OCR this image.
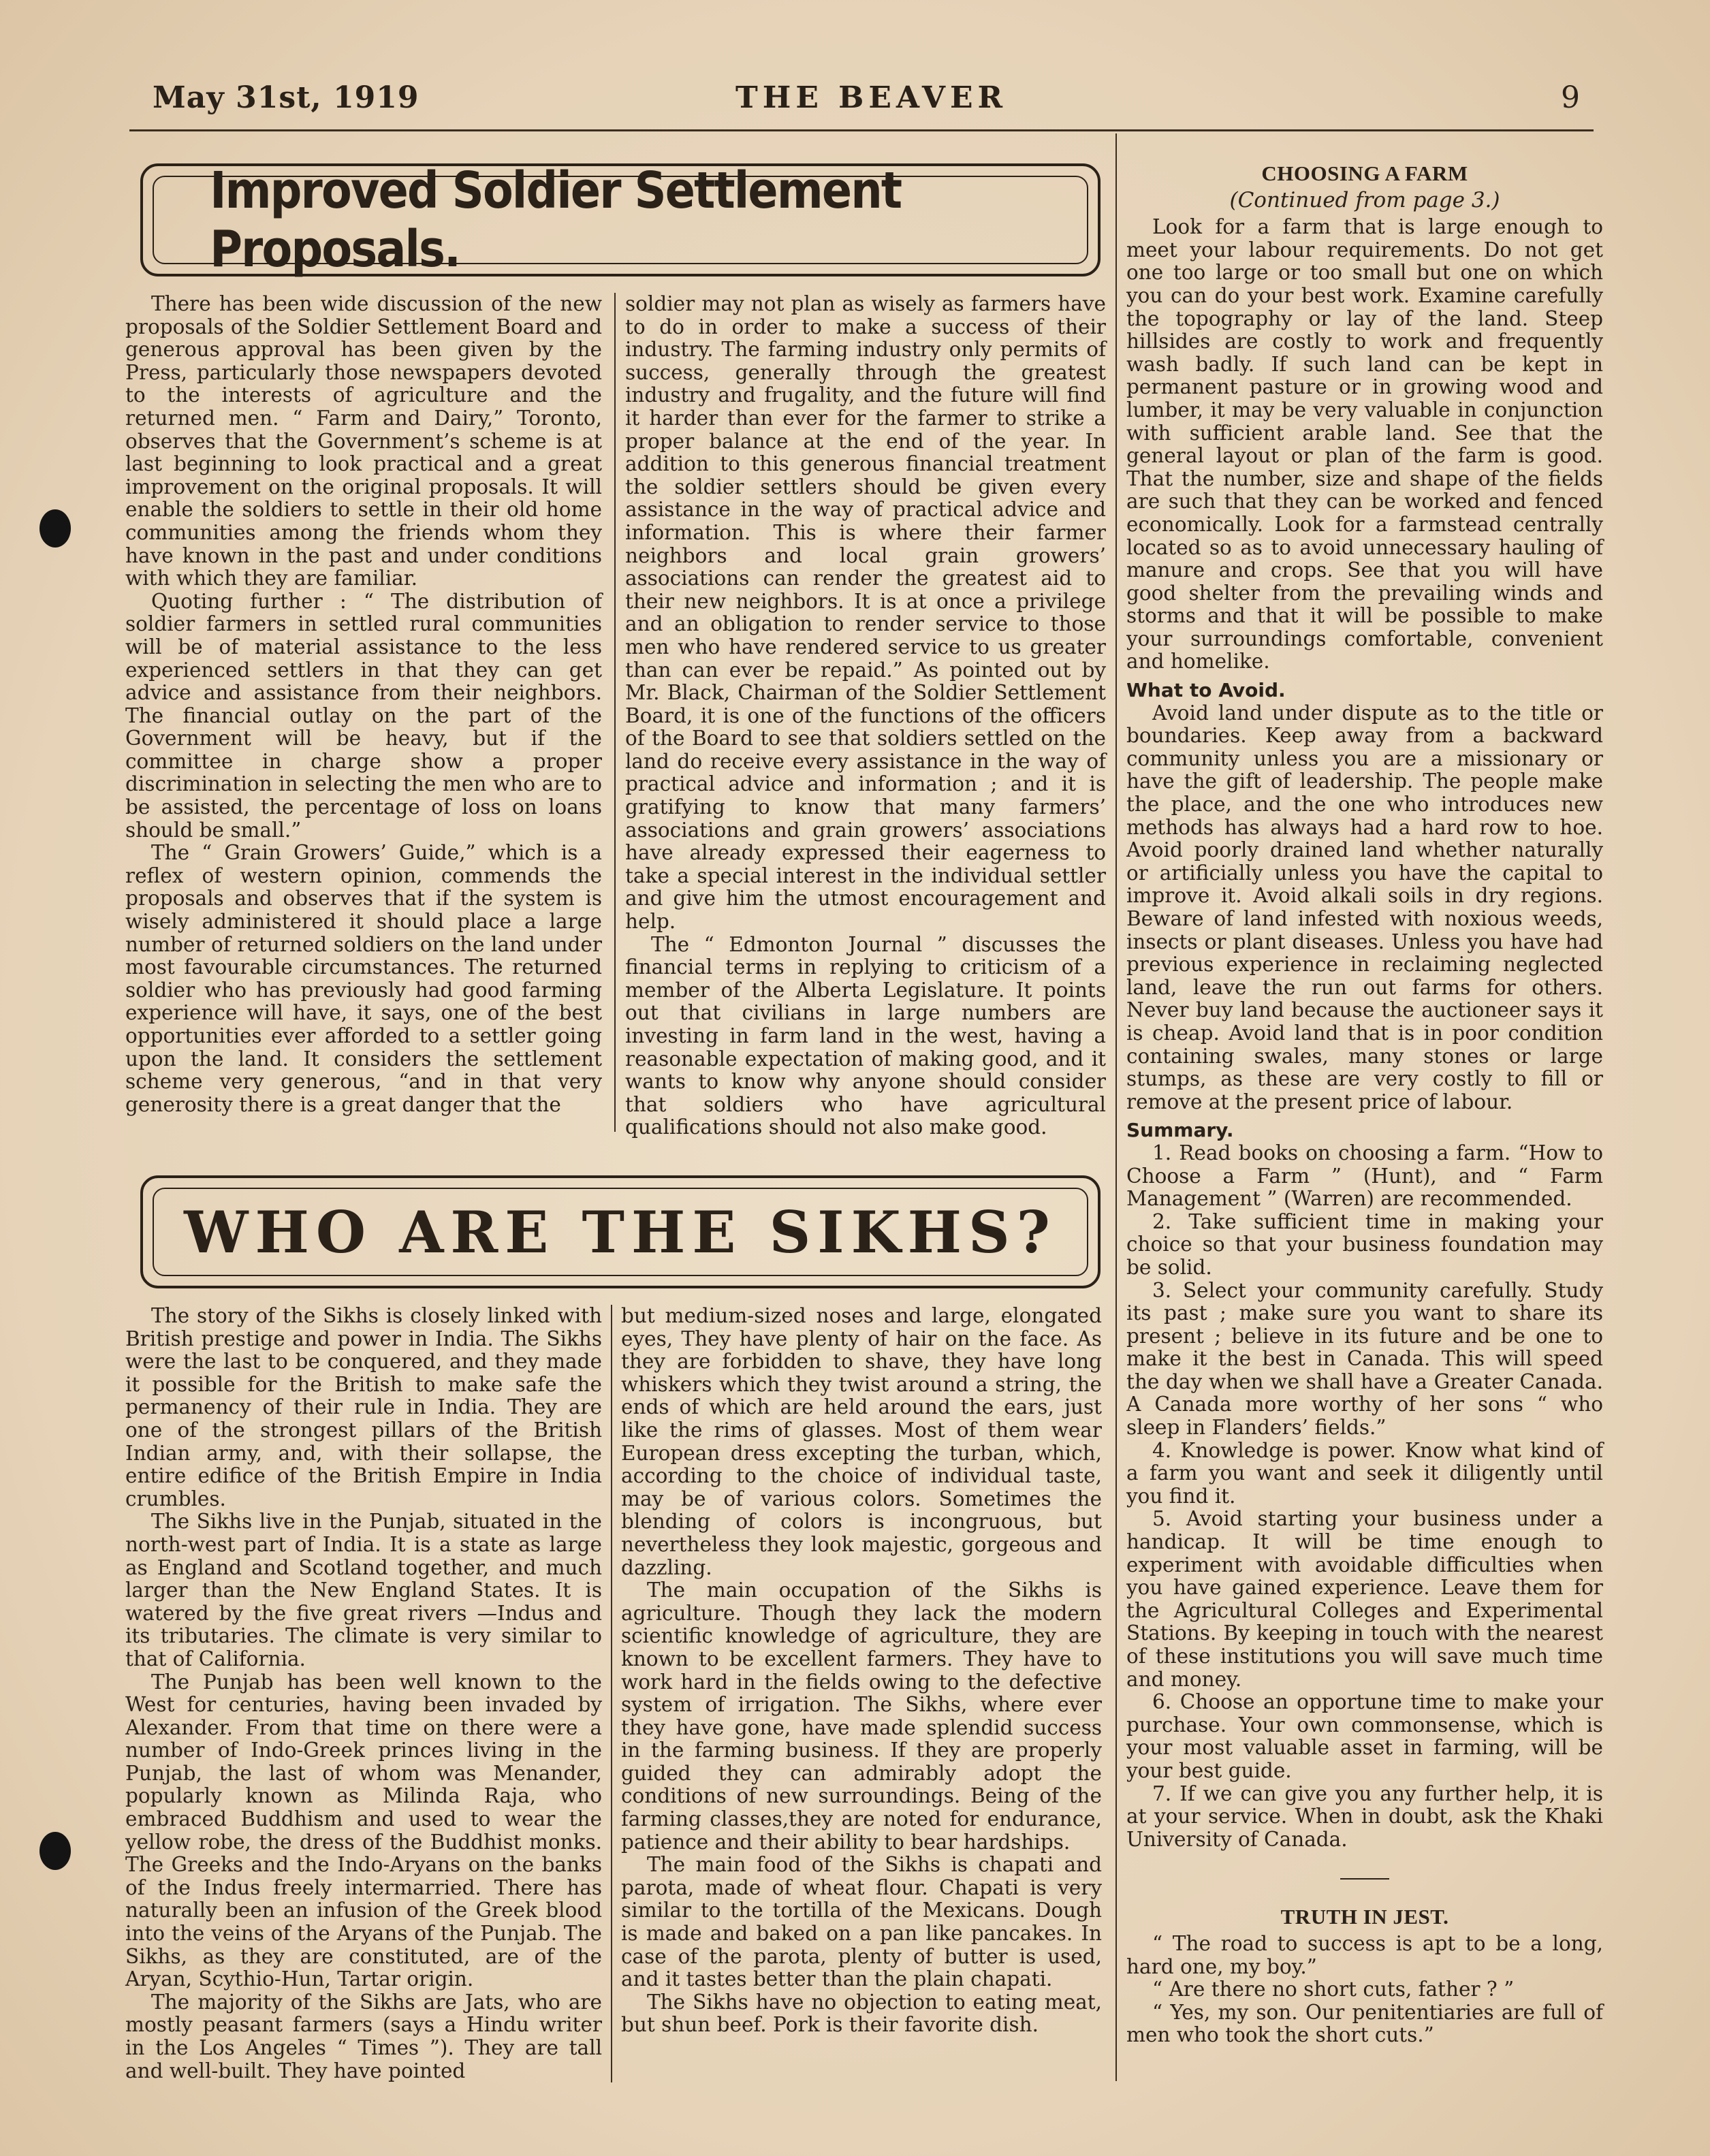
May 31st, 1919	THE BEAVER	9
Improved Soldier Settlement Proposals.

There has been wide discussion of the new proposals of the Soldier Settlement Board and generous approval has been given by the Press, particularly those newspapers devoted to the interests of agriculture and the returned men. “ Farm and Dairy,” Toronto, observes that the Government’s scheme is at last beginning to look practical and a great improvement on the original proposals. It will enable the soldiers to settle in their old home communities among the friends whom they have known in the past and under conditions with which they are familiar.

Quoting further : “ The distribution of soldier farmers in settled rural communities will be of material assistance to the less experienced settlers in that they can get advice and assistance from their neighbors. The financial outlay on the part of the Government will be heavy, but if the committee in charge show a proper discrimination in selecting the men who are to be assisted, the percentage of loss on loans should be small.”

The “ Grain Growers’ Guide,” which is a reflex of western opinion, commends the proposals and observes that if the system is wisely administered it should place a large number of returned soldiers on the land under most favourable circumstances. The returned soldier who has previously had good farming experience will have, it says, one of the best opportunities ever afforded to a settler going upon the land. It considers the settlement scheme very generous, “and in that very generosity there is a great danger that the

soldier may not plan as wisely as farmers have to do in order to make a success of their industry. The farming industry only permits of success, generally through the greatest industry and frugality, and the future will find it harder than ever for the farmer to strike a proper balance at the end of the year. In addition to this generous financial treatment the soldier settlers should be given every assistance in the way of practical advice and information. This is where their farmer neighbors and local grain growers’ associations can render the greatest aid to their new neighbors. It is at once a privilege and an obligation to render service to those men who have rendered service to us greater than can ever be repaid.” As pointed out by Mr. Black, Chairman of the Soldier Settlement Board, it is one of the functions of the officers of the Board to see that soldiers settled on the land do receive every assistance in the way of practical advice and information ; and it is gratifying to know that many farmers’ associations and grain growers’ associations have already expressed their eagerness to take a special interest in the individual settler and give him the utmost encouragement and help.

The “ Edmonton Journal ” discusses the financial terms in replying to criticism of a member of the Alberta Legislature. It points out that civilians in large numbers are investing in farm land in the west, having a reasonable expectation of making good, and it wants to know why anyone should consider that soldiers who have agricultural qualifications should not also make good.

WHO ARE THE SIKHS?

The story of the Sikhs is closely linked with British prestige and power in India. The Sikhs were the last to be conquered, and they made it possible for the British to make safe the permanency of their rule in India. They are one of the strongest pillars of the British Indian army, and, with their sollapse, the entire edifice of the British Empire in India crumbles.

The Sikhs live in the Punjab, situated in the north-west part of India. It is a state as large as England and Scotland together, and much larger than the New England States. It is watered by the five great rivers —Indus and its tributaries. The climate is very similar to that of California.

The Punjab has been well known to the West for centuries, having been invaded by Alexander. From that time on there were a number of Indo-Greek princes living in the Punjab, the last of whom was Menander, popularly known as Milinda Raja, who embraced Buddhism and used to wear the yellow robe, the dress of the Buddhist monks. The Greeks and the Indo-Aryans on the banks of the Indus freely intermarried. There has naturally been an infusion of the Greek blood into the veins of the Aryans of the Punjab. The Sikhs, as they are constituted, are of the Aryan, Scythio-Hun, Tartar origin.

The majority of the Sikhs are Jats, who are mostly peasant farmers (says a Hindu writer in the Los Angeles “ Times ”). They are tall and well-built. They have pointed

but medium-sized noses and large, elongated eyes, They have plenty of hair on the face. As they are forbidden to shave, they have long whiskers which they twist around a string, the ends of which are held around the ears, just like the rims of glasses. Most of them wear European dress excepting the turban, which, according to the choice of individual taste, may be of various colors. Sometimes the blending of colors is incongruous, but nevertheless they look majestic, gorgeous and dazzling.

The main occupation of the Sikhs is agriculture. Though they lack the modern scientific knowledge of agriculture, they are known to be excellent farmers. They have to work hard in the fields owing to the defective system of irrigation. The Sikhs, where ever they have gone, have made splendid success in the farming business. If they are properly guided they can admirably adopt the conditions of new surroundings. Being of the farming classes,they are noted for endurance, patience and their ability to bear hardships.

The main food of the Sikhs is chapati and parota, made of wheat flour. Chapati is very similar to the tortilla of the Mexicans. Dough is made and baked on a pan like pancakes. In case of the parota, plenty of butter is used, and it tastes better than the plain chapati.

The Sikhs have no objection to eating meat, but shun beef. Pork is their favorite dish.

CHOOSING A FARM
(Continued from page 3.)

Look for a farm that is large enough to meet your labour requirements. Do not get one too large or too small but one on which you can do your best work. Examine carefully the topography or lay of the land. Steep hillsides are costly to work and frequently wash badly. If such land can be kept in permanent pasture or in growing wood and lumber, it may be very valuable in conjunction with sufficient arable land. See that the general layout or plan of the farm is good. That the number, size and shape of the fields are such that they can be worked and fenced economically. Look for a farmstead centrally located so as to avoid unnecessary hauling of manure and crops. See that you will have good shelter from the prevailing winds and storms and that it will be possible to make your surroundings comfortable, convenient and homelike.

What to Avoid.

Avoid land under dispute as to the title or boundaries. Keep away from a backward community unless you are a missionary or have the gift of leadership. The people make the place, and the one who introduces new methods has always had a hard row to hoe. Avoid poorly drained land whether naturally or artificially unless you have the capital to improve it. Avoid alkali soils in dry regions. Beware of land infested with noxious weeds, insects or plant diseases. Unless you have had previous experience in reclaiming neglected land, leave the run out farms for others. Never buy land because the auctioneer says it is cheap. Avoid land that is in poor condition containing swales, many stones or large stumps, as these are very costly to fill or remove at the present price of labour.

Summary.

1. Read books on choosing a farm. “How to Choose a Farm ” (Hunt), and “ Farm Management ” (Warren) are recommended.

2. Take sufficient time in making your choice so that your business foundation may be solid.

3. Select your community carefully. Study its past ; make sure you want to share its present ; believe in its future and be one to make it the best in Canada. This will speed the day when we shall have a Greater Canada. A Canada more worthy of her sons “ who sleep in Flanders’ fields.”

4. Knowledge is power. Know what kind of a farm you want and seek it diligently until you find it.

5. Avoid starting your business under a handicap. It will be time enough to experiment with avoidable difficulties when you have gained experience. Leave them for the Agricultural Colleges and Experimental Stations. By keeping in touch with the nearest of these institutions you will save much time and money.

6. Choose an opportune time to make your purchase. Your own commonsense, which is your most valuable asset in farming, will be your best guide.

7. If we can give you any further help, it is at your service. When in doubt, ask the Khaki University of Canada.

TRUTH IN JEST.

“ The road to success is apt to be a long, hard one, my boy.”

“ Are there no short cuts, father ? ”

“ Yes, my son. Our penitentiaries are full of men who took the short cuts.”
